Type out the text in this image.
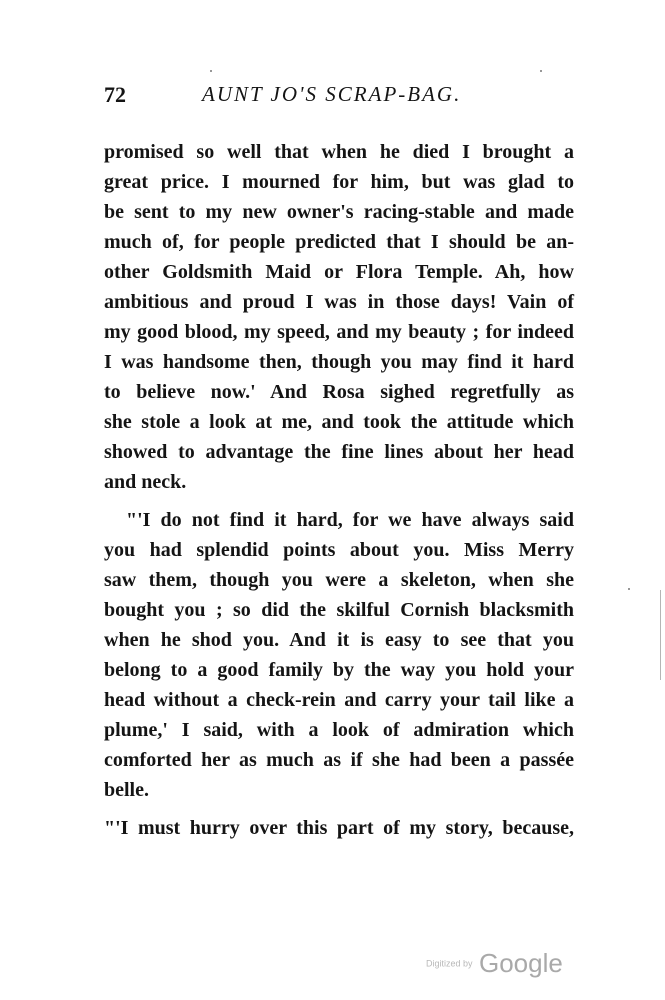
72	AUNT JO'S SCRAP-BAG.
promised so well that when he died I brought a
great price. I mourned for him, but was glad to
be sent to my new owner's racing-stable and made
much of, for people predicted that I should be an-
other Goldsmith Maid or Flora Temple. Ah, how
ambitious and proud I was in those days! Vain of
my good blood, my speed, and my beauty ; for indeed
I was handsome then, though you may find it hard
to believe now.' And Rosa sighed regretfully as
she stole a look at me, and took the attitude which
showed to advantage the fine lines about her head
and neck.
"'I do not find it hard, for we have always said
you had splendid points about you. Miss Merry
saw them, though you were a skeleton, when she
bought you ; so did the skilful Cornish blacksmith
when he shod you. And it is easy to see that you
belong to a good family by the way you hold your
head without a check-rein and carry your tail like a
plume,' I said, with a look of admiration which
comforted her as much as if she had been a passée
belle.
"'I must hurry over this part of my story, because,
Digitized by Google
